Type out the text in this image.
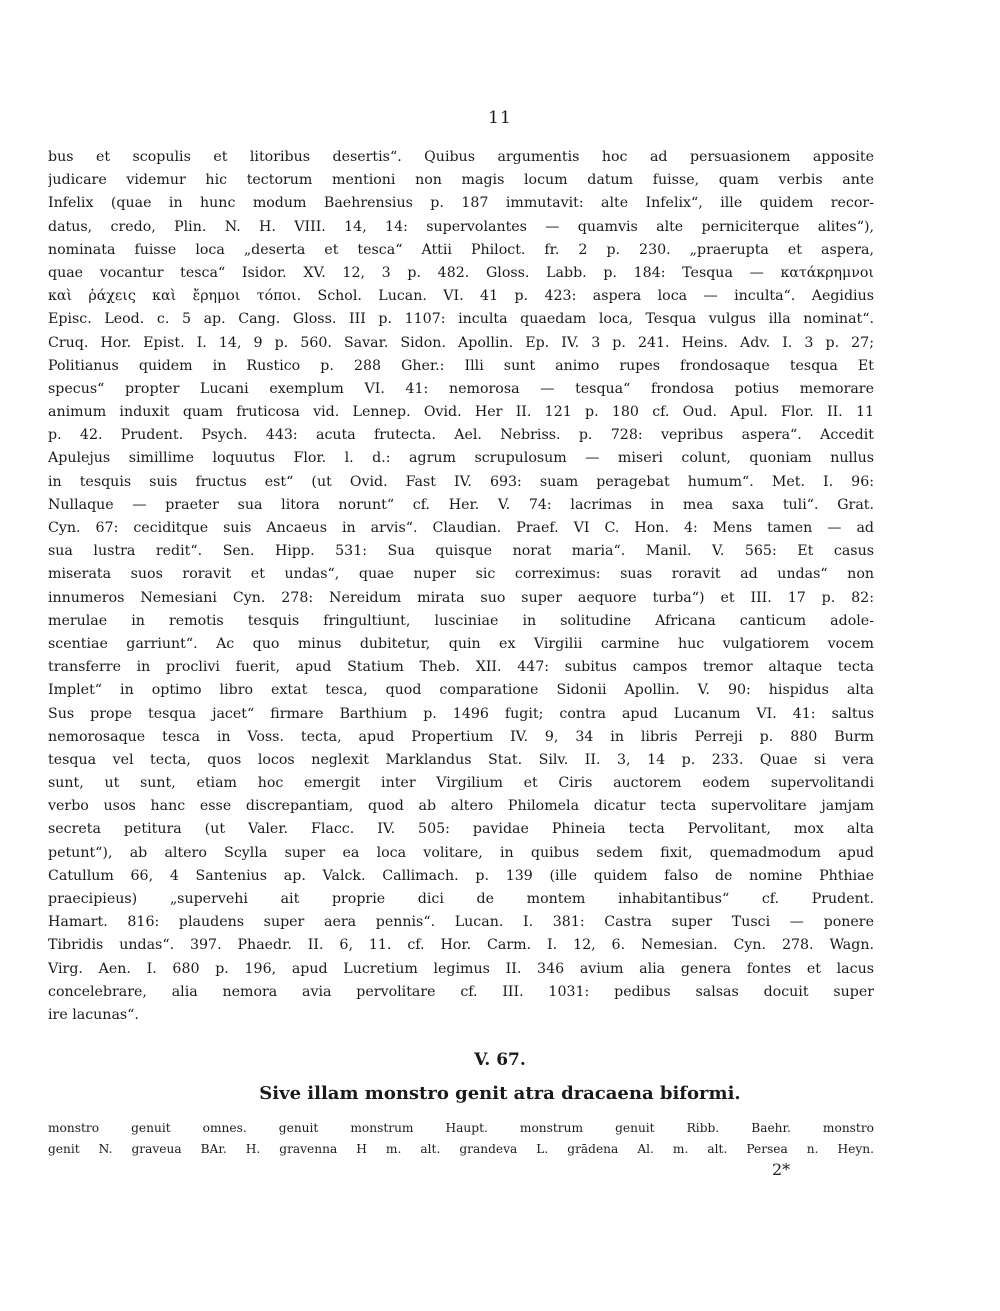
11
bus et scopulis et litoribus desertis“. Quibus argumentis hoc ad persuasionem apposite
judicare videmur hic tectorum mentioni non magis locum datum fuisse, quam verbis ante
Infelix (quae in hunc modum Baehrensius p. 187 immutavit: alte Infelix“, ille quidem recor-
datus, credo, Plin. N. H. VIII. 14, 14: supervolantes — quamvis alte perniciterque alites“),
nominata fuisse loca „deserta et tesca“ Attii Philoct. fr. 2 p. 230. „praerupta et aspera,
quae vocantur tesca“ Isidor. XV. 12, 3 p. 482. Gloss. Labb. p. 184: Tesqua — κατάκρημνοι
καὶ ῥάχεις καὶ ἔρημοι τόποι. Schol. Lucan. VI. 41 p. 423: aspera loca — inculta“. Aegidius
Episc. Leod. c. 5 ap. Cang. Gloss. III p. 1107: inculta quaedam loca, Tesqua vulgus illa nominat“.
Cruq. Hor. Epist. I. 14, 9 p. 560. Savar. Sidon. Apollin. Ep. IV. 3 p. 241. Heins. Adv. I. 3 p. 27;
Politianus quidem in Rustico p. 288 Gher.: Illi sunt animo rupes frondosaque tesqua Et
specus“ propter Lucani exemplum VI. 41: nemorosa — tesqua“ frondosa potius memorare
animum induxit quam fruticosa vid. Lennep. Ovid. Her II. 121 p. 180 cf. Oud. Apul. Flor. II. 11
p. 42. Prudent. Psych. 443: acuta frutecta. Ael. Nebriss. p. 728: vepribus aspera“. Accedit
Apulejus simillime loquutus Flor. l. d.: agrum scrupulosum — miseri colunt, quoniam nullus
in tesquis suis fructus est“ (ut Ovid. Fast IV. 693: suam peragebat humum“. Met. I. 96:
Nullaque — praeter sua litora norunt“ cf. Her. V. 74: lacrimas in mea saxa tuli“. Grat.
Cyn. 67: ceciditque suis Ancaeus in arvis“. Claudian. Praef. VI C. Hon. 4: Mens tamen — ad
sua lustra redit“. Sen. Hipp. 531: Sua quisque norat maria“. Manil. V. 565: Et casus
miserata suos roravit et undas“, quae nuper sic correximus: suas roravit ad undas“ non
innumeros Nemesiani Cyn. 278: Nereidum mirata suo super aequore turba“) et III. 17 p. 82:
merulae in remotis tesquis fringultiunt, lusciniae in solitudine Africana canticum adole-
scentiae garriunt“. Ac quo minus dubitetur, quin ex Virgilii carmine huc vulgatiorem vocem
transferre in proclivi fuerit, apud Statium Theb. XII. 447: subitus campos tremor altaque tecta
Implet“ in optimo libro extat tesca, quod comparatione Sidonii Apollin. V. 90: hispidus alta
Sus prope tesqua jacet“ firmare Barthium p. 1496 fugit; contra apud Lucanum VI. 41: saltus
nemorosaque tesca in Voss. tecta, apud Propertium IV. 9, 34 in libris Perreji p. 880 Burm
tesqua vel tecta, quos locos neglexit Marklandus Stat. Silv. II. 3, 14 p. 233. Quae si vera
sunt, ut sunt, etiam hoc emergit inter Virgilium et Ciris auctorem eodem supervolitandi
verbo usos hanc esse discrepantiam, quod ab altero Philomela dicatur tecta supervolitare jamjam
secreta petitura (ut Valer. Flacc. IV. 505: pavidae Phineia tecta Pervolitant, mox alta
petunt“), ab altero Scylla super ea loca volitare, in quibus sedem fixit, quemadmodum apud
Catullum 66, 4 Santenius ap. Valck. Callimach. p. 139 (ille quidem falso de nomine Phthiae
praecipieus) „supervehi ait proprie dici de montem inhabitantibus“ cf. Prudent.
Hamart. 816: plaudens super aera pennis“. Lucan. I. 381: Castra super Tusci — ponere
Tibridis undas“. 397. Phaedr. II. 6, 11. cf. Hor. Carm. I. 12, 6. Nemesian. Cyn. 278. Wagn.
Virg. Aen. I. 680 p. 196, apud Lucretium legimus II. 346 avium alia genera fontes et lacus
concelebrare, alia nemora avia pervolitare cf. III. 1031: pedibus salsas docuit super
ire lacunas“.
V. 67.
Sive illam monstro genit atra dracaena biformi.
monstro genuit omnes. genuit monstrum Haupt. monstrum genuit Ribb. Baehr. monstro
genit N. graveua BAr. H. gravenna H m. alt. grandeva L. grādena Al. m. alt. Persea n. Heyn.
2*
